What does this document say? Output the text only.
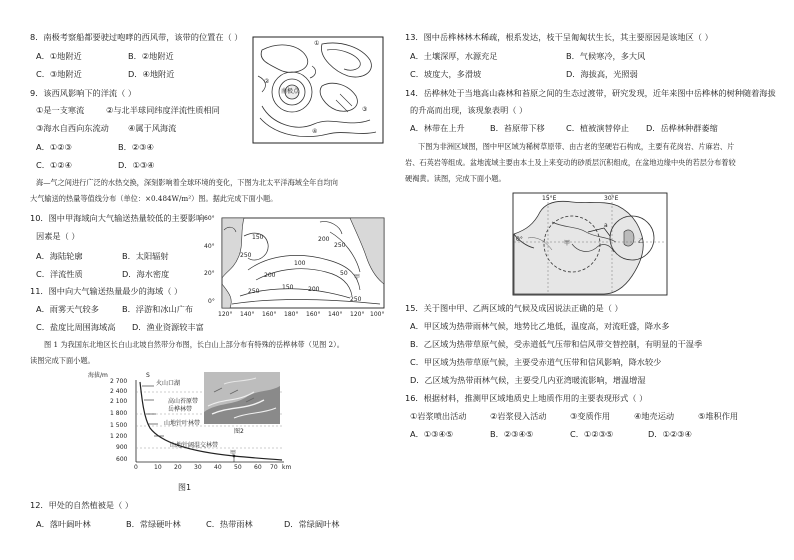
8．南极考察船都要驶过咆哮的西风带，该带的位置在（ ）
A．①地附近	B．②地附近
C．③地附近	D．④地附近
南极点
①
②
③
④
9．该西风影响下的洋流（ ）
①是一支寒流	②与北半球同纬度洋流性质相同
③海水自西向东流动 ④属于风海流
A．①②③	B．②③④
C．①②④	D．①③④
海—气之间进行广泛的水热交换，深刻影响着全球环境的变化，下图为北太平洋海域全年自均向
大气输送的热量等值线分布（单位：×0.484W/m²）图。据此完成下面小题。
60°
40°
20°
0°
120° 140° 160° 180° 160° 140° 120° 100°
150
250
200
250
100
50
200
250
150 200
250
甲
10．图中甲海域向大气输送热量较低的主要影响
因素是（ ）
A．海陆轮廓	B．太阳辐射
C．洋流性质	D．海水密度
11．图中向大气输送热量最少的海域（ ）
A．雨雾天气较多	B．浮游和冰山广布
C．盐度比周围海域高 D．渔业资源较丰富
图 1 为我国东北地区长白山北坡自然带分布图，长白山上部分布有特殊的岳桦林带（见图 2）。
读图完成下面小题。
海拔/m
2 700
2 400
2 100
1 800
1 500
1 200
900
600
S
火山口湖
高山苔原带
岳桦林带
山地针叶林带
山地针阔混交林带
甲
0	10 20 30 40 50 60 70 km
图2
图1
12．甲处的自然植被是（ ）
A．落叶阔叶林	B．常绿硬叶林	C．热带雨林	D．常绿阔叶林
13．图中岳桦林林木稀疏，根系发达，枝干呈匍匐状生长，其主要原因是该地区（ ）
A．土壤深厚，水源充足	B．气候寒冷，多大风
C．坡度大，多滑坡	D．海拔高，光照弱
14．岳桦林处于当地高山森林和苔原之间的生态过渡带，研究发现，近年来图中岳桦林的树种随着海拔
的升高而出现，该现象表明（ ）
A．林带在上升	B．苔原带下移	C．植被演替停止 D．岳桦林种群萎缩
下图为非洲区域图，图中甲区域为稀树草原带、由古老的坚硬岩石构成，主要有花岗岩、片麻岩、片
岩、石英岩等组成。盆地流域主要由本土及上来变动的砂质层沉积组成，在盆地边缘中央的若层分布着较
硬褐黄。读图，完成下面小题。
15°E	30°E
0°
甲	乙
a
15．关于图中甲、乙两区域的气候及成因说法正确的是（ ）
A．甲区域为热带雨林气候，地势比乙地低，温度高，对流旺盛，降水多
B．乙区域为热带草原气候，受赤道低气压带和信风带交替控制，有明显的干湿季
C．甲区域为热带草原气候，主要受赤道气压带和信风影响，降水较少
D．乙区域为热带雨林气候，主要受几内亚湾暖流影响，增温增湿
16．根据材料，推测甲区域地质史上地质作用的主要表现形式（ ）
①岩浆喷出活动	②岩浆侵入活动	③变质作用	④地壳运动	⑤堆积作用
A．①③④⑤	B．②③④⑤	C．①②③⑤	D．①②③④
